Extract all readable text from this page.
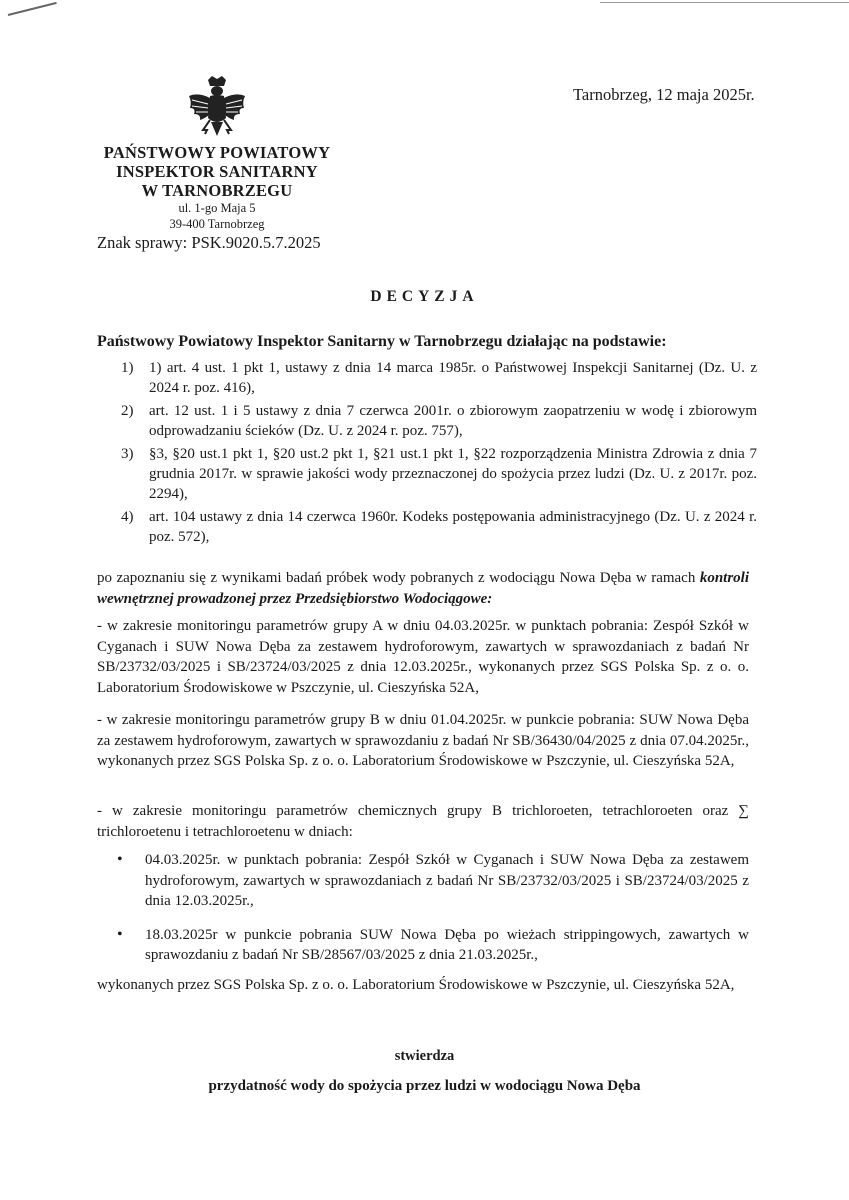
Tarnobrzeg, 12 maja 2025r.
PAŃSTWOWY POWIATOWY
INSPEKTOR SANITARNY
W TARNOBRZEGU
ul. 1-go Maja 5
39-400 Tarnobrzeg
Znak sprawy: PSK.9020.5.7.2025
DECYZJA
Państwowy Powiatowy Inspektor Sanitarny w Tarnobrzegu działając na podstawie:
1) 1) art. 4 ust. 1 pkt 1, ustawy z dnia 14 marca 1985r. o Państwowej Inspekcji Sanitarnej (Dz. U. z 2024 r. poz. 416),
2) art. 12 ust. 1 i 5 ustawy z dnia 7 czerwca 2001r. o zbiorowym zaopatrzeniu w wodę i zbiorowym odprowadzaniu ścieków (Dz. U. z 2024 r. poz. 757),
3) §3, §20 ust.1 pkt 1, §20 ust.2 pkt 1, §21 ust.1 pkt 1, §22 rozporządzenia Ministra Zdrowia z dnia 7 grudnia 2017r. w sprawie jakości wody przeznaczonej do spożycia przez ludzi (Dz. U. z 2017r. poz. 2294),
4) art. 104 ustawy z dnia 14 czerwca 1960r. Kodeks postępowania administracyjnego (Dz. U. z 2024 r. poz. 572),
po zapoznaniu się z wynikami badań próbek wody pobranych z wodociągu Nowa Dęba w ramach kontroli wewnętrznej prowadzonej przez Przedsiębiorstwo Wodociągowe:
- w zakresie monitoringu parametrów grupy A w dniu 04.03.2025r. w punktach pobrania: Zespół Szkół w Cyganach i SUW Nowa Dęba za zestawem hydroforowym, zawartych w sprawozdaniach z badań Nr SB/23732/03/2025 i SB/23724/03/2025 z dnia 12.03.2025r., wykonanych przez SGS Polska Sp. z o. o. Laboratorium Środowiskowe w Pszczynie, ul. Cieszyńska 52A,
- w zakresie monitoringu parametrów grupy B w dniu 01.04.2025r. w punkcie pobrania: SUW Nowa Dęba za zestawem hydroforowym, zawartych w sprawozdaniu z badań Nr SB/36430/04/2025 z dnia 07.04.2025r., wykonanych przez SGS Polska Sp. z o. o. Laboratorium Środowiskowe w Pszczynie, ul. Cieszyńska 52A,
- w zakresie monitoringu parametrów chemicznych grupy B trichloroeten, tetrachloroeten oraz ∑ trichloroetenu i tetrachloroetenu w dniach:
• 04.03.2025r. w punktach pobrania: Zespół Szkół w Cyganach i SUW Nowa Dęba za zestawem hydroforowym, zawartych w sprawozdaniach z badań Nr SB/23732/03/2025 i SB/23724/03/2025 z dnia 12.03.2025r.,
• 18.03.2025r w punkcie pobrania SUW Nowa Dęba po wieżach strippingowych, zawartych w sprawozdaniu z badań Nr SB/28567/03/2025 z dnia 21.03.2025r.,
wykonanych przez SGS Polska Sp. z o. o. Laboratorium Środowiskowe w Pszczynie, ul. Cieszyńska 52A,
stwierdza
przydatność wody do spożycia przez ludzi w wodociągu Nowa Dęba
